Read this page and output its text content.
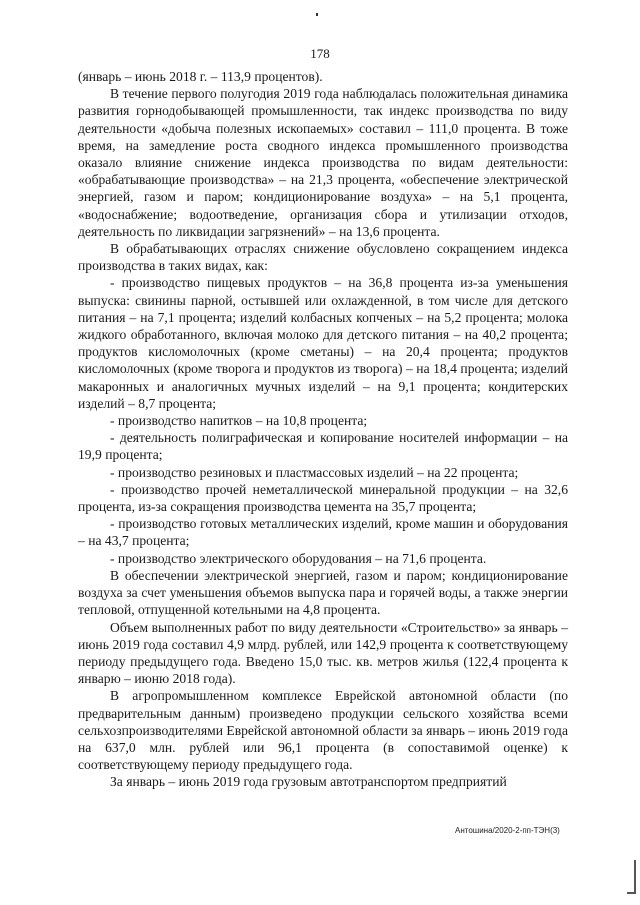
178

(январь – июнь 2018 г. – 113,9 процентов).

В течение первого полугодия 2019 года наблюдалась положительная динамика развития горнодобывающей промышленности, так индекс производства по виду деятельности «добыча полезных ископаемых» составил – 111,0 процента. В тоже время, на замедление роста сводного индекса промышленного производства оказало влияние снижение индекса производства по видам деятельности: «обрабатывающие производства» – на 21,3 процента, «обеспечение электрической энергией, газом и паром; кондиционирование воздуха» – на 5,1 процента, «водоснабжение; водоотведение, организация сбора и утилизации отходов, деятельность по ликвидации загрязнений» – на 13,6 процента.

В обрабатывающих отраслях снижение обусловлено сокращением индекса производства в таких видах, как:

- производство пищевых продуктов – на 36,8 процента из-за уменьшения выпуска: свинины парной, остывшей или охлажденной, в том числе для детского питания – на 7,1 процента; изделий колбасных копченых – на 5,2 процента; молока жидкого обработанного, включая молоко для детского питания – на 40,2 процента; продуктов кисломолочных (кроме сметаны) – на 20,4 процента; продуктов кисломолочных (кроме творога и продуктов из творога) – на 18,4 процента; изделий макаронных и аналогичных мучных изделий – на 9,1 процента; кондитерских изделий – 8,7 процента;

- производство напитков – на 10,8 процента;

- деятельность полиграфическая и копирование носителей информации – на 19,9 процента;

- производство резиновых и пластмассовых изделий – на 22 процента;

- производство прочей неметаллической минеральной продукции – на 32,6 процента, из-за сокращения производства цемента на 35,7 процента;

- производство готовых металлических изделий, кроме машин и оборудования – на 43,7 процента;

- производство электрического оборудования – на 71,6 процента.

В обеспечении электрической энергией, газом и паром; кондиционирование воздуха за счет уменьшения объемов выпуска пара и горячей воды, а также энергии тепловой, отпущенной котельными на 4,8 процента.

Объем выполненных работ по виду деятельности «Строительство» за январь – июнь 2019 года составил 4,9 млрд. рублей, или 142,9 процента к соответствующему периоду предыдущего года. Введено 15,0 тыс. кв. метров жилья (122,4 процента к январю – июню 2018 года).

В агропромышленном комплексе Еврейской автономной области (по предварительным данным) произведено продукции сельского хозяйства всеми сельхозпроизводителями Еврейской автономной области за январь – июнь 2019 года на 637,0 млн. рублей или 96,1 процента (в сопоставимой оценке) к соответствующему периоду предыдущего года.

За январь – июнь 2019 года грузовым автотранспортом предприятий

Антошина/2020-2-пп-ТЭН(3)
